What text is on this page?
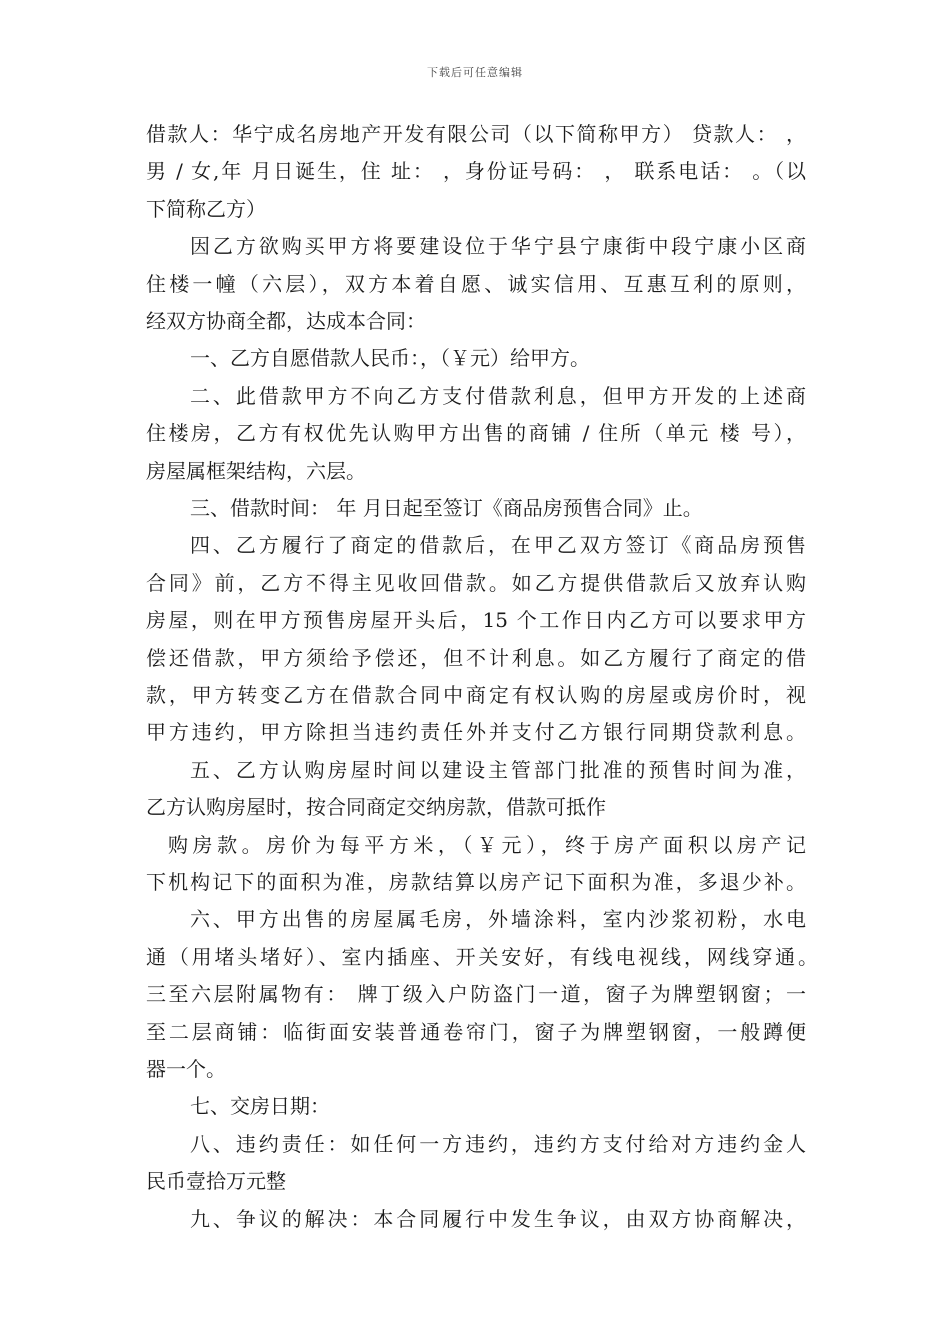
下载后可任意编辑
借款人：华宁成名房地产开发有限公司（以下简称甲方） 贷款人： ，
男 / 女,年 月日诞生，住 址： ，身份证号码： ， 联系电话： 。（以
下简称乙方）
因乙方欲购买甲方将要建设位于华宁县宁康街中段宁康小区商
住楼一幢（六层），双方本着自愿、诚实信用、互惠互利的原则，
经双方协商全都，达成本合同：
一、乙方自愿借款人民币：，（￥元）给甲方。
二、此借款甲方不向乙方支付借款利息，但甲方开发的上述商
住楼房，乙方有权优先认购甲方出售的商铺 / 住所（单元 楼 号），
房屋属框架结构，六层。
三、借款时间： 年 月日起至签订《商品房预售合同》止。
四、乙方履行了商定的借款后，在甲乙双方签订《商品房预售
合同》前，乙方不得主见收回借款。如乙方提供借款后又放弃认购
房屋，则在甲方预售房屋开头后，15 个工作日内乙方可以要求甲方
偿还借款，甲方须给予偿还，但不计利息。如乙方履行了商定的借
款，甲方转变乙方在借款合同中商定有权认购的房屋或房价时，视
甲方违约，甲方除担当违约责任外并支付乙方银行同期贷款利息。
五、乙方认购房屋时间以建设主管部门批准的预售时间为准，
乙方认购房屋时，按合同商定交纳房款，借款可抵作
购房款。房价为每平方米，（￥元），终于房产面积以房产记
下机构记下的面积为准，房款结算以房产记下面积为准，多退少补。
六、甲方出售的房屋属毛房，外墙涂料，室内沙浆初粉，水电
通（用堵头堵好）、室内插座、开关安好，有线电视线，网线穿通。
三至六层附属物有： 牌丁级入户防盗门一道，窗子为牌塑钢窗；一
至二层商铺：临街面安装普通卷帘门，窗子为牌塑钢窗，一般蹲便
器一个。
七、交房日期：
八、违约责任：如任何一方违约，违约方支付给对方违约金人
民币壹拾万元整
九、争议的解决：本合同履行中发生争议，由双方协商解决，
